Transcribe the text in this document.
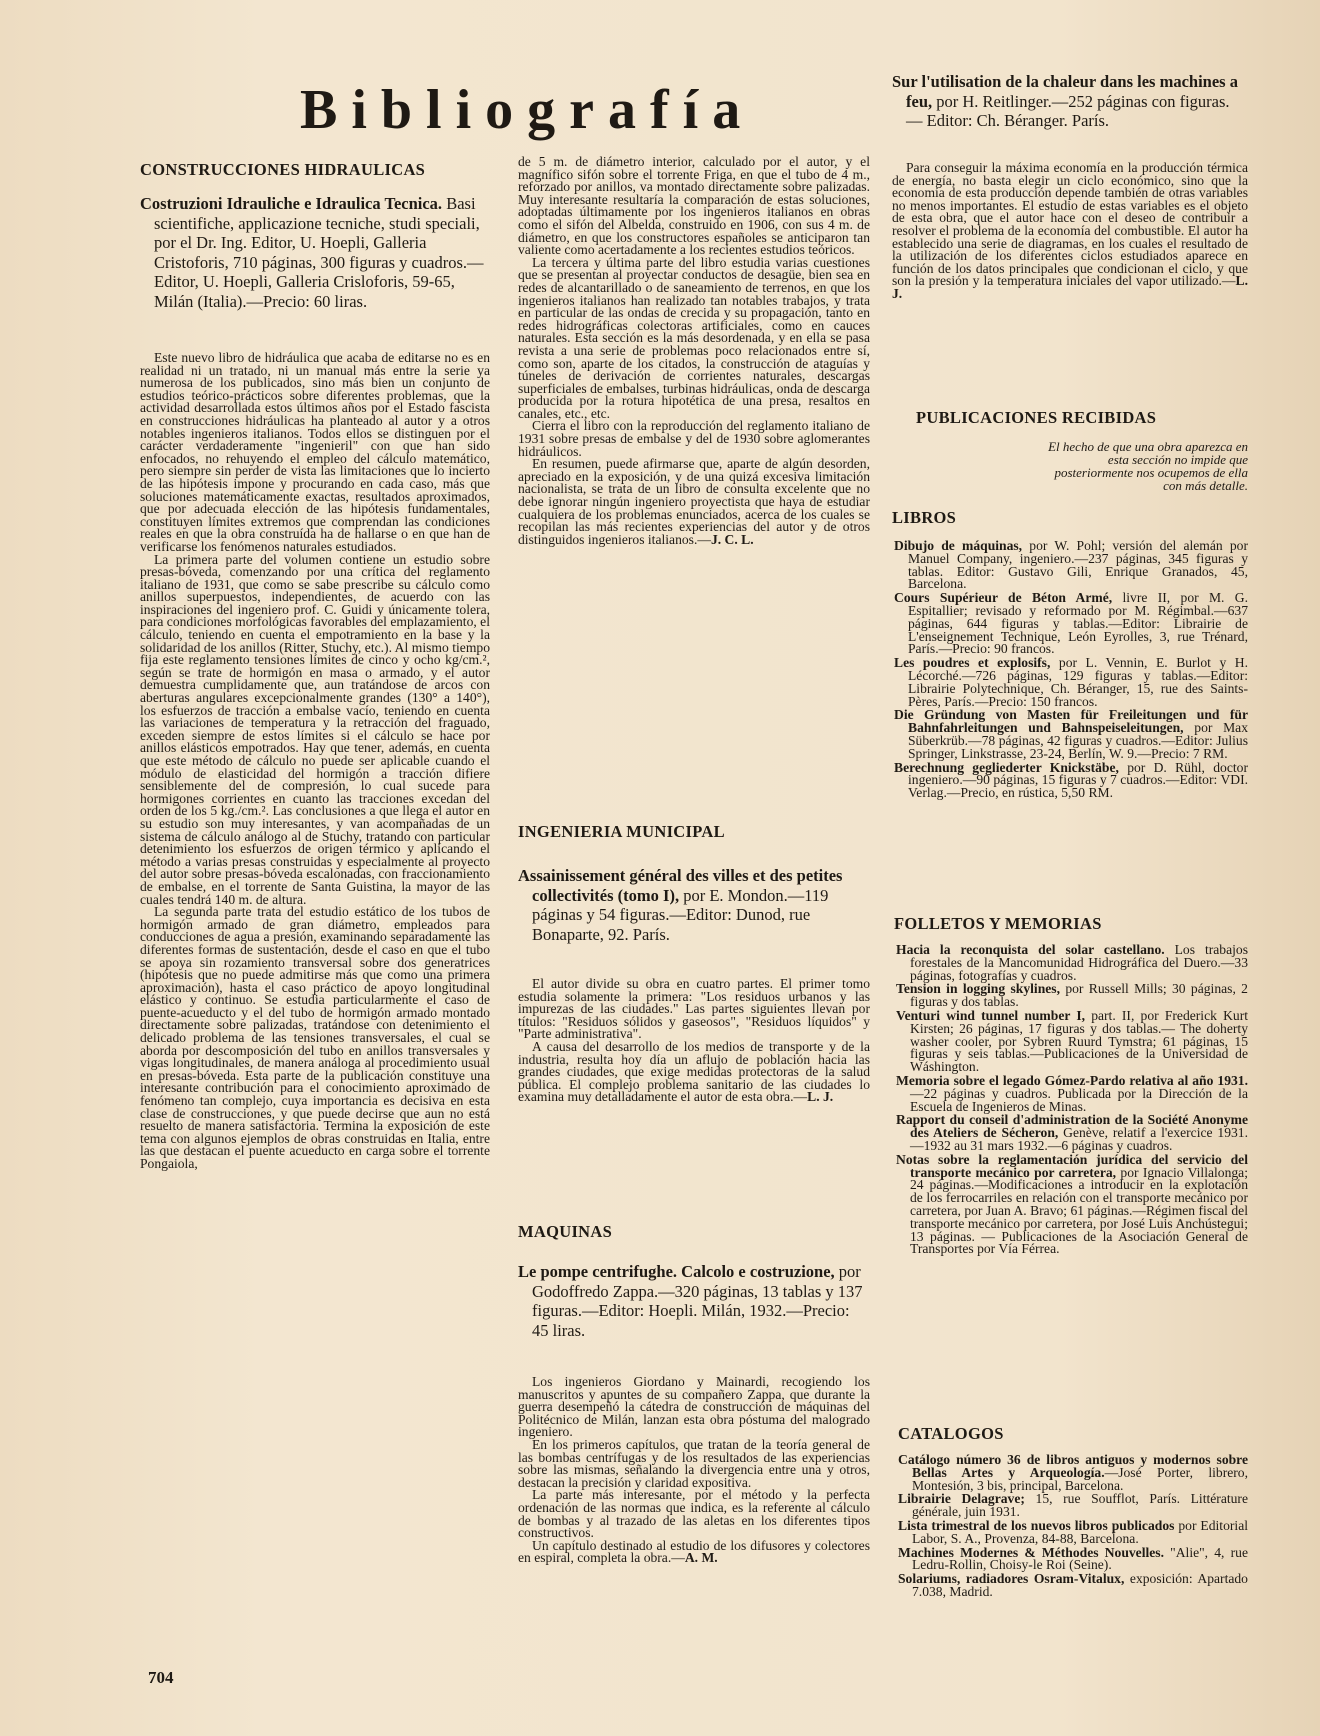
Bibliografía

CONSTRUCCIONES HIDRAULICAS

Costruzioni Idrauliche e Idraulica Tecnica. Basi scientifiche, applicazione tecniche, studi speciali, por el Dr. Ing. Editor, U. Hoepli, Galleria Cristoforis, 710 páginas, 300 figuras y cuadros.—Editor, U. Hoepli, Galleria Crisloforis, 59-65, Milán (Italia).—Precio: 60 liras.

Este nuevo libro de hidráulica que acaba de editarse no es en realidad ni un tratado, ni un manual más entre la serie ya numerosa de los publicados, sino más bien un conjunto de estudios teórico-prácticos sobre diferentes problemas, que la actividad desarrollada estos últimos años por el Estado fascista en construcciones hidráulicas ha planteado al autor y a otros notables ingenieros italianos. Todos ellos se distinguen por el carácter verdaderamente "ingenieril" con que han sido enfocados, no rehuyendo el empleo del cálculo matemático, pero siempre sin perder de vista las limitaciones que lo incierto de las hipótesis impone y procurando en cada caso, más que soluciones matemáticamente exactas, resultados aproximados, que por adecuada elección de las hipótesis fundamentales, constituyen límites extremos que comprendan las condiciones reales en que la obra construída ha de hallarse o en que han de verificarse los fenómenos naturales estudiados.

La primera parte del volumen contiene un estudio sobre presas-bóveda, comenzando por una crítica del reglamento italiano de 1931, que como se sabe prescribe su cálculo como anillos superpuestos, independientes, de acuerdo con las inspiraciones del ingeniero prof. C. Guidi y únicamente tolera, para condiciones morfológicas favorables del emplazamiento, el cálculo, teniendo en cuenta el empotramiento en la base y la solidaridad de los anillos (Ritter, Stuchy, etc.). Al mismo tiempo fija este reglamento tensiones límites de cinco y ocho kg/cm.², según se trate de hormigón en masa o armado, y el autor demuestra cumplidamente que, aun tratándose de arcos con aberturas angulares excepcionalmente grandes (130° a 140°), los esfuerzos de tracción a embalse vacío, teniendo en cuenta las variaciones de temperatura y la retracción del fraguado, exceden siempre de estos límites si el cálculo se hace por anillos elásticos empotrados. Hay que tener, además, en cuenta que este método de cálculo no puede ser aplicable cuando el módulo de elasticidad del hormigón a tracción difiere sensiblemente del de compresión, lo cual sucede para hormigones corrientes en cuanto las tracciones excedan del orden de los 5 kg./cm.². Las conclusiones a que llega el autor en su estudio son muy interesantes, y van acompañadas de un sistema de cálculo análogo al de Stuchy, tratando con particular detenimiento los esfuerzos de origen térmico y aplicando el método a varias presas construidas y especialmente al proyecto del autor sobre presas-bóveda escalonadas, con fraccionamiento de embalse, en el torrente de Santa Guistina, la mayor de las cuales tendrá 140 m. de altura.

La segunda parte trata del estudio estático de los tubos de hormigón armado de gran diámetro, empleados para conducciones de agua a presión, examinando separadamente las diferentes formas de sustentación, desde el caso en que el tubo se apoya sin rozamiento transversal sobre dos generatrices (hipótesis que no puede admitirse más que como una primera aproximación), hasta el caso práctico de apoyo longitudinal elástico y continuo. Se estudia particularmente el caso de puente-acueducto y el del tubo de hormigón armado montado directamente sobre palizadas, tratándose con detenimiento el delicado problema de las tensiones transversales, el cual se aborda por descomposición del tubo en anillos transversales y vigas longitudinales, de manera análoga al procedimiento usual en presas-bóveda. Esta parte de la publicación constituye una interesante contribución para el conocimiento aproximado de fenómeno tan complejo, cuya importancia es decisiva en esta clase de construcciones, y que puede decirse que aun no está resuelto de manera satisfactoria. Termina la exposición de este tema con algunos ejemplos de obras construidas en Italia, entre las que destacan el puente acueducto en carga sobre el torrente Pongaiola,

de 5 m. de diámetro interior, calculado por el autor, y el magnífico sifón sobre el torrente Friga, en que el tubo de 4 m., reforzado por anillos, va montado directamente sobre palizadas. Muy interesante resultaría la comparación de estas soluciones, adoptadas últimamente por los ingenieros italianos en obras como el sifón del Albelda, construido en 1906, con sus 4 m. de diámetro, en que los constructores españoles se anticiparon tan valiente como acertadamente a los recientes estudios teóricos.

La tercera y última parte del libro estudia varias cuestiones que se presentan al proyectar conductos de desagüe, bien sea en redes de alcantarillado o de saneamiento de terrenos, en que los ingenieros italianos han realizado tan notables trabajos, y trata en particular de las ondas de crecida y su propagación, tanto en redes hidrográficas colectoras artificiales, como en cauces naturales. Esta sección es la más desordenada, y en ella se pasa revista a una serie de problemas poco relacionados entre sí, como son, aparte de los citados, la construcción de ataguías y túneles de derivación de corrientes naturales, descargas superficiales de embalses, turbinas hidráulicas, onda de descarga producida por la rotura hipotética de una presa, resaltos en canales, etc., etc.

Cierra el libro con la reproducción del reglamento italiano de 1931 sobre presas de embalse y del de 1930 sobre aglomerantes hidráulicos.

En resumen, puede afirmarse que, aparte de algún desorden, apreciado en la exposición, y de una quizá excesiva limitación nacionalista, se trata de un libro de consulta excelente que no debe ignorar ningún ingeniero proyectista que haya de estudiar cualquiera de los problemas enunciados, acerca de los cuales se recopilan las más recientes experiencias del autor y de otros distinguidos ingenieros italianos.—J. C. L.

INGENIERIA MUNICIPAL

Assainissement général des villes et des petites collectivités (tomo I), por E. Mondon.—119 páginas y 54 figuras.—Editor: Dunod, rue Bonaparte, 92. París.

El autor divide su obra en cuatro partes. El primer tomo estudia solamente la primera: "Los residuos urbanos y las impurezas de las ciudades." Las partes siguientes llevan por títulos: "Residuos sólidos y gaseosos", "Residuos líquidos" y "Parte administrativa".

A causa del desarrollo de los medios de transporte y de la industria, resulta hoy día un aflujo de población hacia las grandes ciudades, que exige medidas protectoras de la salud pública. El complejo problema sanitario de las ciudades lo examina muy detalladamente el autor de esta obra.—L. J.

MAQUINAS

Le pompe centrifughe. Calcolo e costruzione, por Godoffredo Zappa.—320 páginas, 13 tablas y 137 figuras.—Editor: Hoepli. Milán, 1932.—Precio: 45 liras.

Los ingenieros Giordano y Mainardi, recogiendo los manuscritos y apuntes de su compañero Zappa, que durante la guerra desempeñó la cátedra de construcción de máquinas del Politécnico de Milán, lanzan esta obra póstuma del malogrado ingeniero.

En los primeros capítulos, que tratan de la teoría general de las bombas centrífugas y de los resultados de las experiencias sobre las mismas, señalando la divergencia entre una y otros, destacan la precisión y claridad expositiva.

La parte más interesante, por el método y la perfecta ordenación de las normas que indica, es la referente al cálculo de bombas y al trazado de las aletas en los diferentes tipos constructivos.

Un capítulo destinado al estudio de los difusores y colectores en espiral, completa la obra.—A. M.

Sur l'utilisation de la chaleur dans les machines a feu, por H. Reitlinger.—252 páginas con figuras. — Editor: Ch. Béranger. París.

Para conseguir la máxima economía en la producción térmica de energía, no basta elegir un ciclo económico, sino que la economía de esta producción depende también de otras variables no menos importantes. El estudio de estas variables es el objeto de esta obra, que el autor hace con el deseo de contribuir a resolver el problema de la economía del combustible. El autor ha establecido una serie de diagramas, en los cuales el resultado de la utilización de los diferentes ciclos estudiados aparece en función de los datos principales que condicionan el ciclo, y que son la presión y la temperatura iniciales del vapor utilizado.—L. J.

PUBLICACIONES RECIBIDAS

El hecho de que una obra aparezca en esta sección no impide que posteriormente nos ocupemos de ella con más detalle.

LIBROS

Dibujo de máquinas, por W. Pohl; versión del alemán por Manuel Company, ingeniero.—237 páginas, 345 figuras y tablas. Editor: Gustavo Gili, Enrique Granados, 45, Barcelona.

Cours Supérieur de Béton Armé, livre II, por M. G. Espitallier; revisado y reformado por M. Régimbal.—637 páginas, 644 figuras y tablas.—Editor: Librairie de L'enseignement Technique, León Eyrolles, 3, rue Trénard, París.—Precio: 90 francos.

Les poudres et explosifs, por L. Vennin, E. Burlot y H. Lécorché.—726 páginas, 129 figuras y tablas.—Editor: Librairie Polytechnique, Ch. Béranger, 15, rue des Saints-Pères, París.—Precio: 150 francos.

Die Gründung von Masten für Freileitungen und für Bahnfahrleitungen und Bahnspeiseleitungen, por Max Süberkrüb.—78 páginas, 42 figuras y cuadros.—Editor: Julius Springer, Linkstrasse, 23-24, Berlín, W. 9.—Precio: 7 RM.

Berechnung gegliederter Knickstäbe, por D. Rühl, doctor ingeniero.—90 páginas, 15 figuras y 7 cuadros.—Editor: VDI. Verlag.—Precio, en rústica, 5,50 RM.

FOLLETOS Y MEMORIAS

Hacia la reconquista del solar castellano. Los trabajos forestales de la Mancomunidad Hidrográfica del Duero.—33 páginas, fotografías y cuadros.

Tension in logging skylines, por Russell Mills; 30 páginas, 2 figuras y dos tablas.

Venturi wind tunnel number I, part. II, por Frederick Kurt Kirsten; 26 páginas, 17 figuras y dos tablas.— The doherty washer cooler, por Sybren Ruurd Tymstra; 61 páginas, 15 figuras y seis tablas.—Publicaciones de la Universidad de Wáshington.

Memoria sobre el legado Gómez-Pardo relativa al año 1931. —22 páginas y cuadros. Publicada por la Dirección de la Escuela de Ingenieros de Minas.

Rapport du conseil d'administration de la Société Anonyme des Ateliers de Sécheron, Genève, relatif a l'exercice 1931.—1932 au 31 mars 1932.—6 páginas y cuadros.

Notas sobre la reglamentación jurídica del servicio del transporte mecánico por carretera, por Ignacio Villalonga; 24 páginas.—Modificaciones a introducir en la explotación de los ferrocarriles en relación con el transporte mecánico por carretera, por Juan A. Bravo; 61 páginas.—Régimen fiscal del transporte mecánico por carretera, por José Luis Anchústegui; 13 páginas. — Publicaciones de la Asociación General de Transportes por Vía Férrea.

CATALOGOS

Catálogo número 36 de libros antiguos y modernos sobre Bellas Artes y Arqueología.—José Porter, librero, Montesión, 3 bis, principal, Barcelona.

Librairie Delagrave; 15, rue Soufflot, París. Littérature générale, juin 1931.

Lista trimestral de los nuevos libros publicados por Editorial Labor, S. A., Provenza, 84-88, Barcelona.

Machines Modernes & Méthodes Nouvelles. "Alie", 4, rue Ledru-Rollin, Choisy-le Roi (Seine).

Solariums, radiadores Osram-Vitalux, exposición: Apartado 7.038, Madrid.

704
